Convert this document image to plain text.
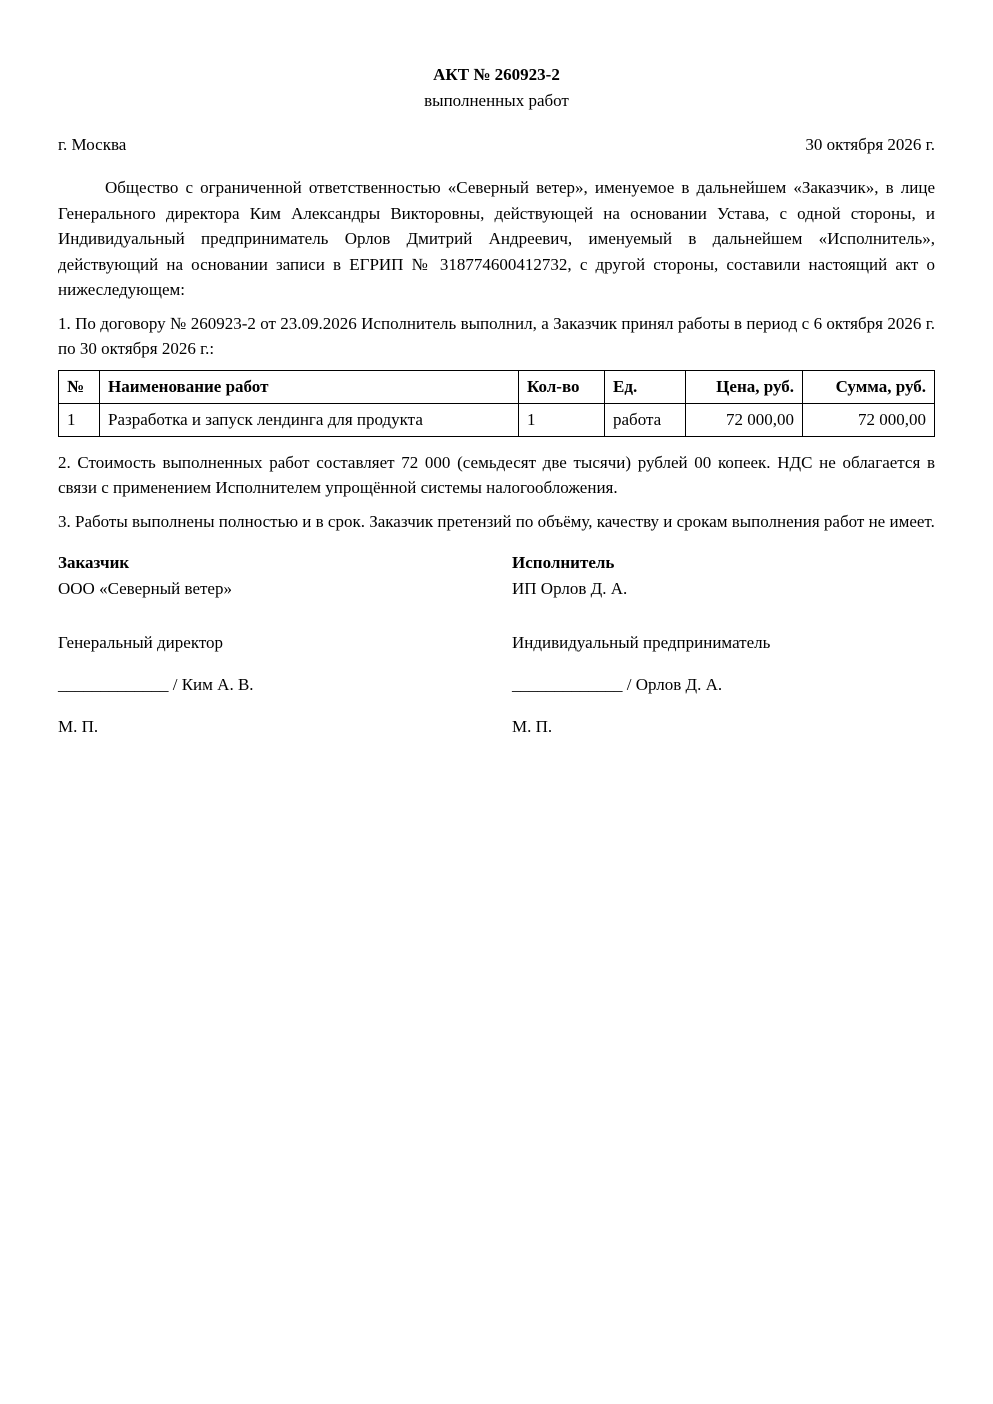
АКТ № 260923-2
выполненных работ
г. Москва	30 октября 2026 г.
Общество с ограниченной ответственностью «Северный ветер», именуемое в дальнейшем «Заказчик», в лице Генерального директора Ким Александры Викторовны, действующей на основании Устава, с одной стороны, и Индивидуальный предприниматель Орлов Дмитрий Андреевич, именуемый в дальнейшем «Исполнитель», действующий на основании записи в ЕГРИП № 318774600412732, с другой стороны, составили настоящий акт о нижеследующем:
1. По договору № 260923-2 от 23.09.2026 Исполнитель выполнил, а Заказчик принял работы в период с 6 октября 2026 г. по 30 октября 2026 г.:
№	Наименование работ	Кол-во	Ед.	Цена, руб.	Сумма, руб.
1	Разработка и запуск лендинга для продукта	1	работа	72 000,00	72 000,00
2. Стоимость выполненных работ составляет 72 000 (семьдесят две тысячи) рублей 00 копеек. НДС не облагается в связи с применением Исполнителем упрощённой системы налогообложения.
3. Работы выполнены полностью и в срок. Заказчик претензий по объёму, качеству и срокам выполнения работ не имеет.
Заказчик
ООО «Северный ветер»
Генеральный директор
_____________ / Ким А. В.
М. П.
Исполнитель
ИП Орлов Д. А.
Индивидуальный предприниматель
_____________ / Орлов Д. А.
М. П.
